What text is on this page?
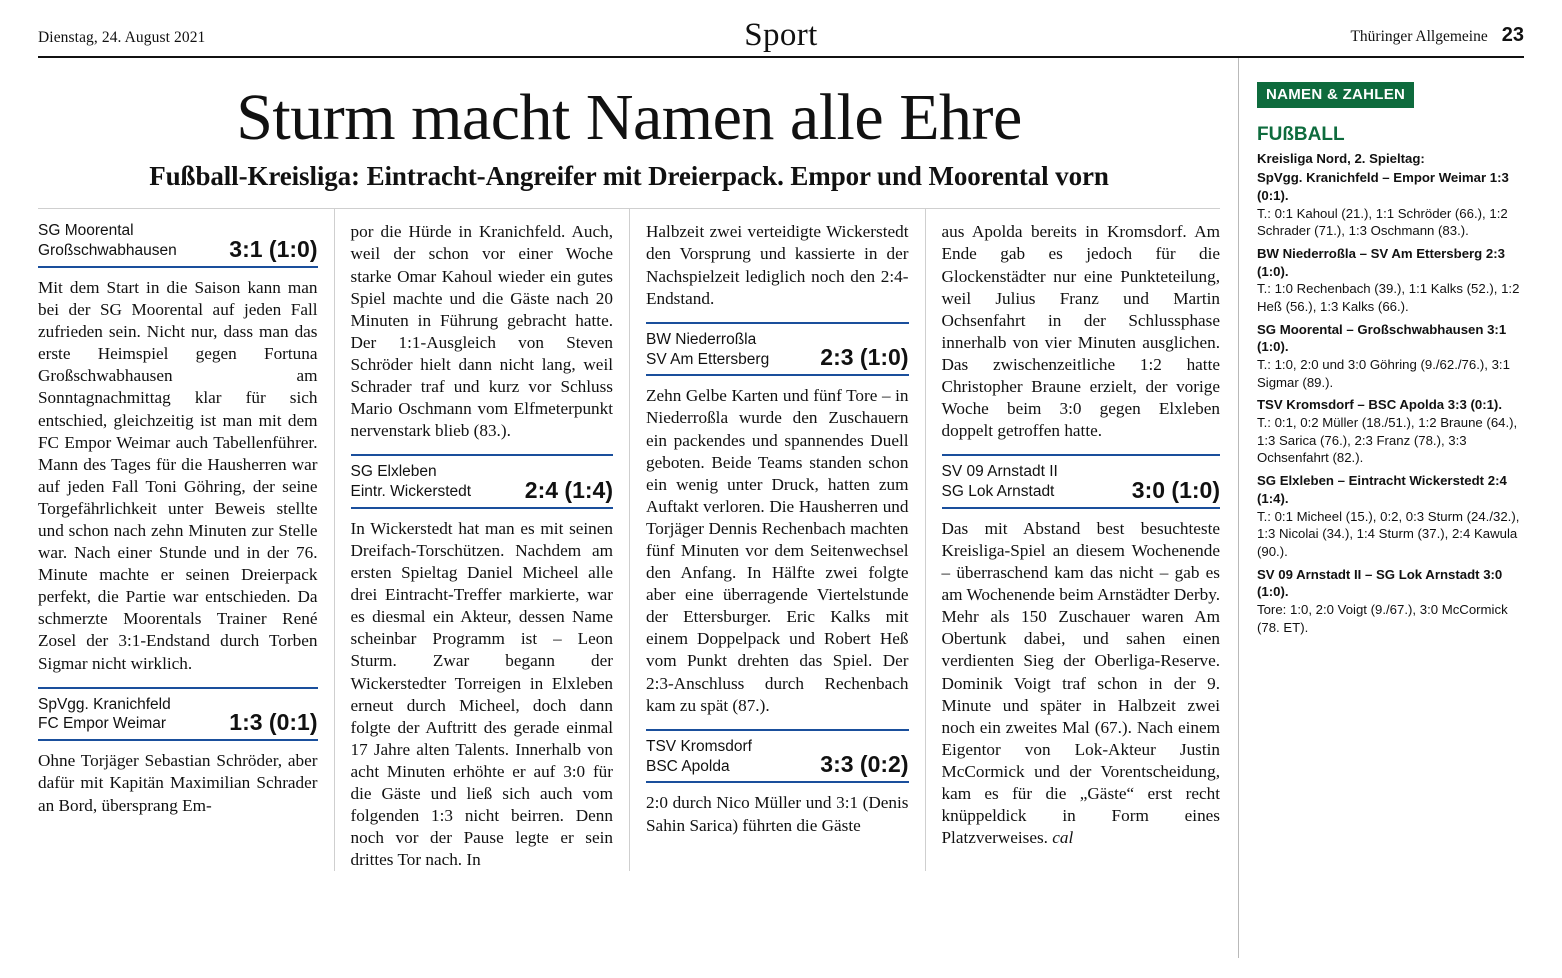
Dienstag, 24. August 2021	Sport	Thüringer Allgemeine 23
Sturm macht Namen alle Ehre
Fußball-Kreisliga: Eintracht-Angreifer mit Dreierpack. Empor und Moorental vorn
SG Moorental
Großschwabhausen 3:1 (1:0)

Mit dem Start in die Saison kann man bei der SG Moorental auf jeden Fall zufrieden sein. Nicht nur, dass man das erste Heimspiel gegen Fortuna Großschwabhausen am Sonntagnachmittag klar für sich entschied, gleichzeitig ist man mit dem FC Empor Weimar auch Tabellenführer. Mann des Tages für die Hausherren war auf jeden Fall Toni Göhring, der seine Torgefährlichkeit unter Beweis stellte und schon nach zehn Minuten zur Stelle war. Nach einer Stunde und in der 76. Minute machte er seinen Dreierpack perfekt, die Partie war entschieden. Da schmerzte Moorentals Trainer René Zosel der 3:1-Endstand durch Torben Sigmar nicht wirklich.

SpVgg. Kranichfeld
FC Empor Weimar	1:3 (0:1)

Ohne Torjäger Sebastian Schröder, aber dafür mit Kapitän Maximilian Schrader an Bord, übersprang Em-

por die Hürde in Kranichfeld. Auch, weil der schon vor einer Woche starke Omar Kahoul wieder ein gutes Spiel machte und die Gäste nach 20 Minuten in Führung gebracht hatte. Der 1:1-Ausgleich von Steven Schröder hielt dann nicht lang, weil Schrader traf und kurz vor Schluss Mario Oschmann vom Elfmeterpunkt nervenstark blieb (83.).

SG Elxleben
Eintr. Wickerstedt 2:4 (1:4)

In Wickerstedt hat man es mit seinen Dreifach-Torschützen. Nachdem am ersten Spieltag Daniel Micheel alle drei Eintracht-Treffer markierte, war es diesmal ein Akteur, dessen Name scheinbar Programm ist – Leon Sturm. Zwar begann der Wickerstedter Torreigen in Elxleben erneut durch Micheel, doch dann folgte der Auftritt des gerade einmal 17 Jahre alten Talents. Innerhalb von acht Minuten erhöhte er auf 3:0 für die Gäste und ließ sich auch vom folgenden 1:3 nicht beirren. Denn noch vor der Pause legte er sein drittes Tor nach. In

Halbzeit zwei verteidigte Wickerstedt den Vorsprung und kassierte in der Nachspielzeit lediglich noch den 2:4-Endstand.

BW Niederroßla
SV Am Ettersberg 2:3 (1:0)

Zehn Gelbe Karten und fünf Tore – in Niederroßla wurde den Zuschauern ein packendes und spannendes Duell geboten. Beide Teams standen schon ein wenig unter Druck, hatten zum Auftakt verloren. Die Hausherren und Torjäger Dennis Rechenbach machten fünf Minuten vor dem Seitenwechsel den Anfang. In Hälfte zwei folgte aber eine überragende Viertelstunde der Ettersburger. Eric Kalks mit einem Doppelpack und Robert Heß vom Punkt drehten das Spiel. Der 2:3-Anschluss durch Rechenbach kam zu spät (87.).

TSV Kromsdorf
BSC Apolda	3:3 (0:2)

2:0 durch Nico Müller und 3:1 (Denis Sahin Sarica) führten die Gäste

aus Apolda bereits in Kromsdorf. Am Ende gab es jedoch für die Glockenstädter nur eine Punkteteilung, weil Julius Franz und Martin Ochsenfahrt in der Schlussphase innerhalb von vier Minuten ausglichen. Das zwischenzeitliche 1:2 hatte Christopher Braune erzielt, der vorige Woche beim 3:0 gegen Elxleben doppelt getroffen hatte.

SV 09 Arnstadt II
SG Lok Arnstadt	3:0 (1:0)

Das mit Abstand best besuchteste Kreisliga-Spiel an diesem Wochenende – überraschend kam das nicht – gab es am Wochenende beim Arnstädter Derby. Mehr als 150 Zuschauer waren Am Obertunk dabei, und sahen einen verdienten Sieg der Oberliga-Reserve. Dominik Voigt traf schon in der 9. Minute und später in Halbzeit zwei noch ein zweites Mal (67.). Nach einem Eigentor von Lok-Akteur Justin McCormick und der Vorentscheidung, kam es für die „Gäste“ erst recht knüppeldick in Form eines Platzverweises. cal

NAMEN & ZAHLEN
FUßBALL
Kreisliga Nord, 2. Spieltag:
SpVgg. Kranichfeld – Empor Weimar 1:3 (0:1).
T.: 0:1 Kahoul (21.), 1:1 Schröder (66.), 1:2 Schrader (71.), 1:3 Oschmann (83.).
BW Niederroßla – SV Am Ettersberg 2:3 (1:0).
T.: 1:0 Rechenbach (39.), 1:1 Kalks (52.), 1:2 Heß (56.), 1:3 Kalks (66.).
SG Moorental – Großschwabhausen 3:1 (1:0).
T.: 1:0, 2:0 und 3:0 Göhring (9./62./76.), 3:1 Sigmar (89.).
TSV Kromsdorf – BSC Apolda 3:3 (0:1).
T.: 0:1, 0:2 Müller (18./51.), 1:2 Braune (64.), 1:3 Sarica (76.), 2:3 Franz (78.), 3:3 Ochsenfahrt (82.).
SG Elxleben – Eintracht Wickerstedt 2:4 (1:4).
T.: 0:1 Micheel (15.), 0:2, 0:3 Sturm (24./32.), 1:3 Nicolai (34.), 1:4 Sturm (37.), 2:4 Kawula (90.).
SV 09 Arnstadt II – SG Lok Arnstadt 3:0 (1:0).
Tore: 1:0, 2:0 Voigt (9./67.), 3:0 McCormick (78. ET).
